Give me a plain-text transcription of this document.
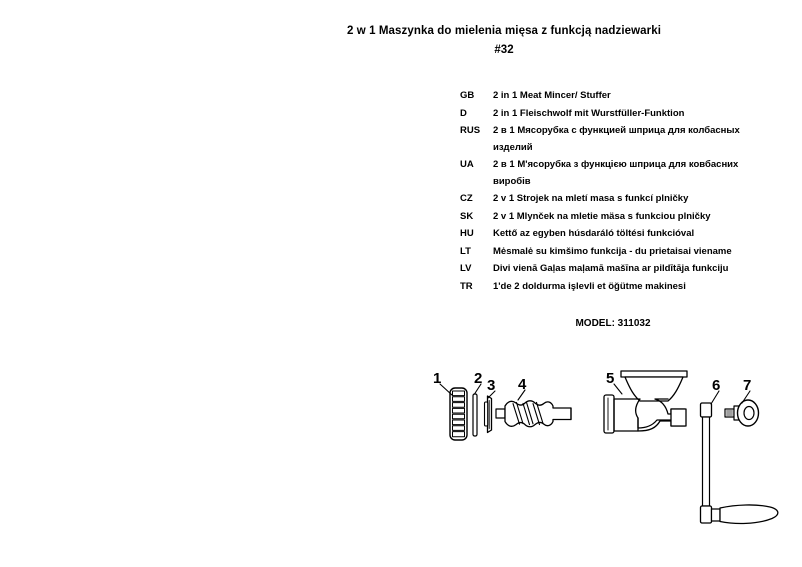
2 w 1 Maszynka do mielenia mięsa z funkcją nadziewarki
#32
GB	2 in 1 Meat Mincer/ Stuffer
D	2 in 1 Fleischwolf mit Wurstfüller-Funktion
RUS	2 в 1 Мясорубка с функцией шприца для колбасных изделий
UA	2 в 1 М'ясорубка з функцією шприца для ковбасних виробів
CZ	2 v 1 Strojek na mletí masa s funkcí plničky
SK	2 v 1 Mlynček na mletie mäsa s funkciou plničky
HU	Kettő az egyben húsdaráló töltési funkcióval
LT	Mėsmalė su kimšimo funkcija - du prietaisai viename
LV	Divi vienā Gaļas maļamā mašīna ar pildītāja funkciju
TR	1'de 2 doldurma işlevli et öğütme makinesi
MODEL: 311032
1 2 3 4	5	6 7
